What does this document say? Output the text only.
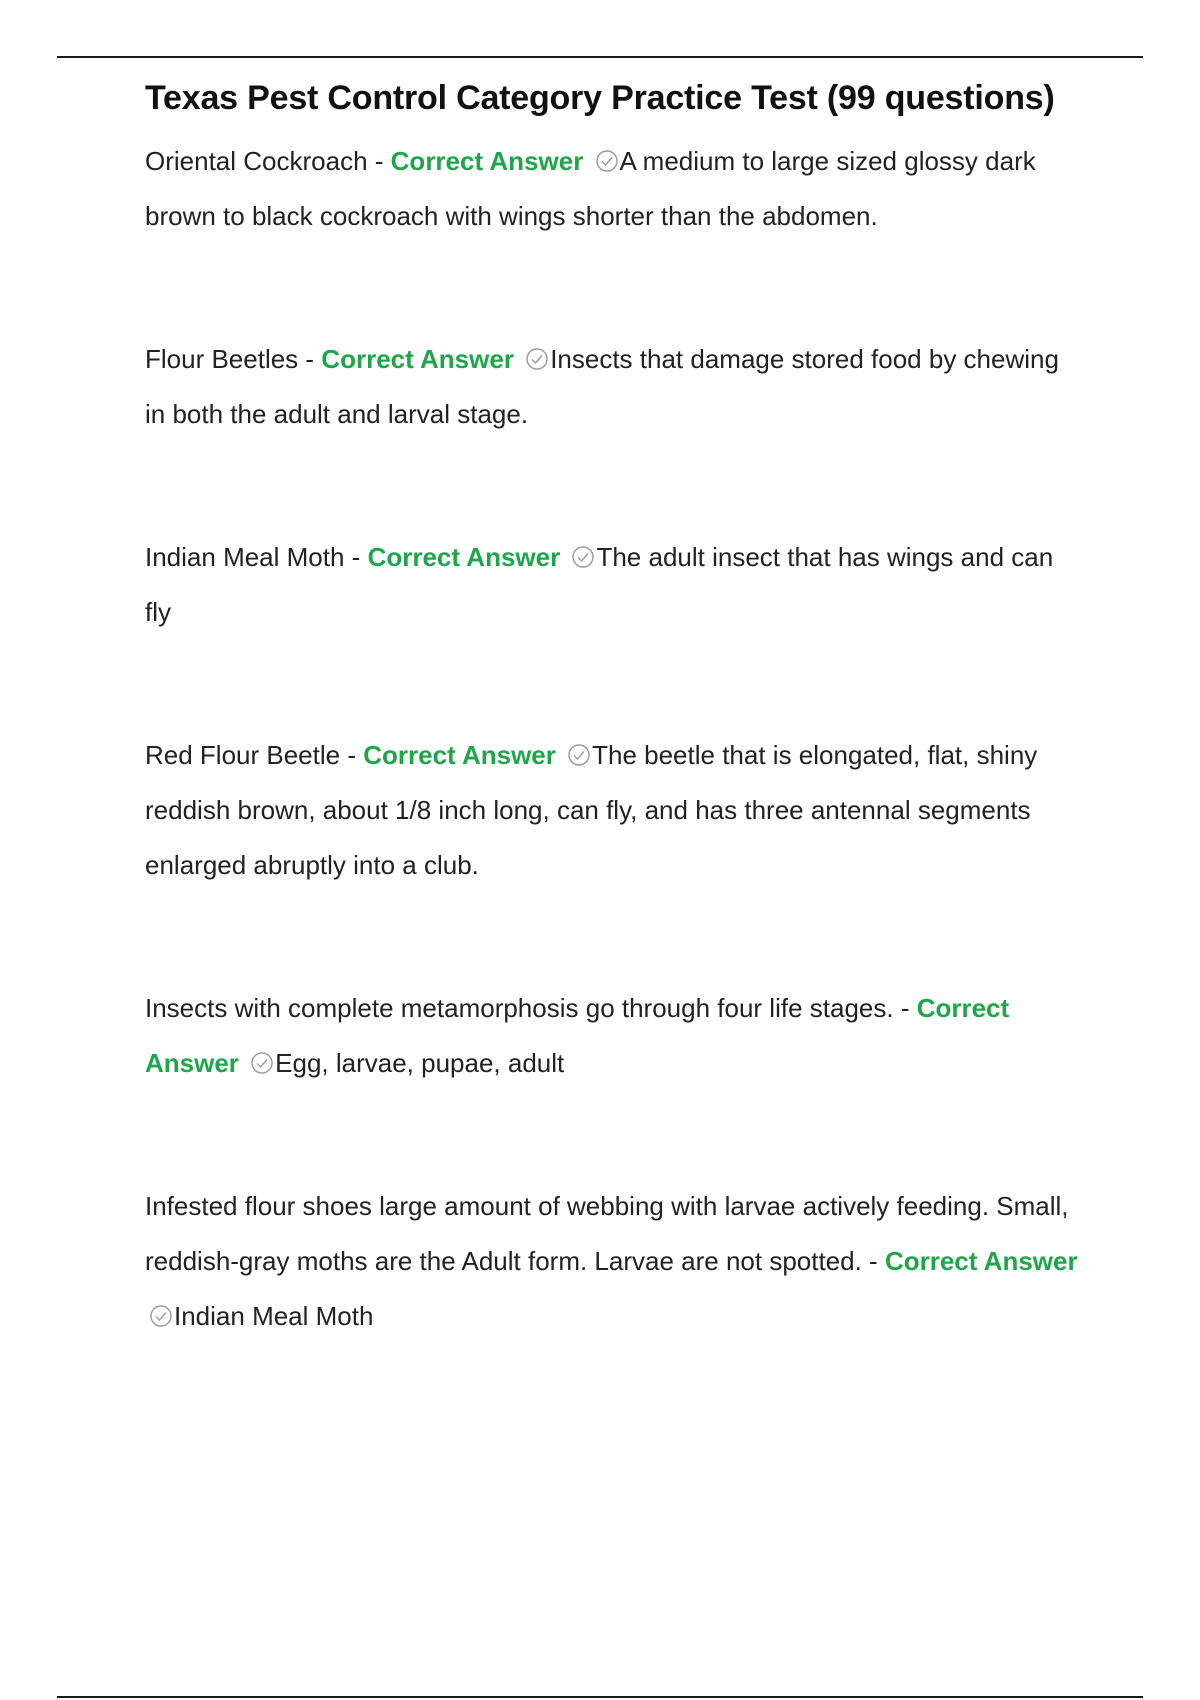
Texas Pest Control Category Practice Test (99 questions)

Oriental Cockroach - Correct Answer A medium to large sized glossy dark brown to black cockroach with wings shorter than the abdomen.

Flour Beetles - Correct Answer Insects that damage stored food by chewing in both the adult and larval stage.

Indian Meal Moth - Correct Answer The adult insect that has wings and can fly

Red Flour Beetle - Correct Answer The beetle that is elongated, flat, shiny reddish brown, about 1/8 inch long, can fly, and has three antennal segments enlarged abruptly into a club.

Insects with complete metamorphosis go through four life stages. - Correct Answer Egg, larvae, pupae, adult

Infested flour shoes large amount of webbing with larvae actively feeding. Small, reddish-gray moths are the Adult form. Larvae are not spotted. - Correct Answer
Indian Meal Moth
